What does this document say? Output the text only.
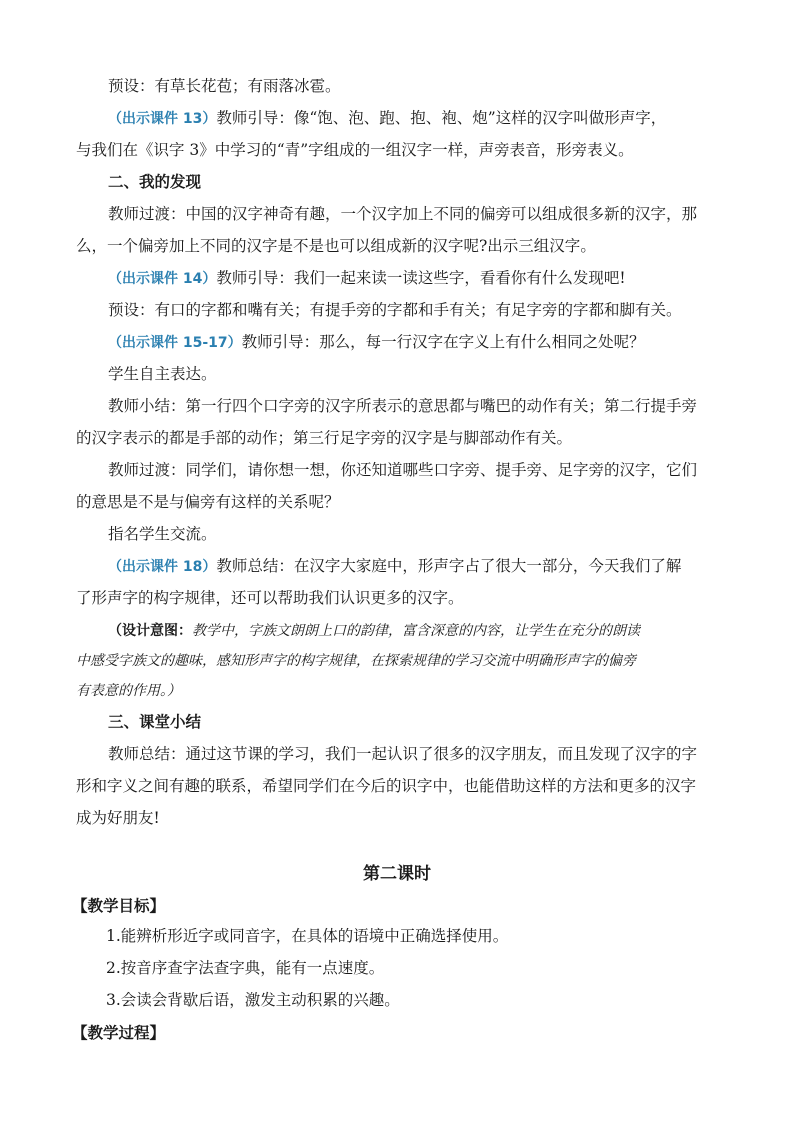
预设：有草长花苞；有雨落冰雹。
（出示课件 13）教师引导：像“饱、泡、跑、抱、袍、炮”这样的汉字叫做形声字，
与我们在《识字 3》中学习的“青”字组成的一组汉字一样，声旁表音，形旁表义。
二、我的发现
教师过渡：中国的汉字神奇有趣，一个汉字加上不同的偏旁可以组成很多新的汉字，那
么，一个偏旁加上不同的汉字是不是也可以组成新的汉字呢?出示三组汉字。
（出示课件 14）教师引导：我们一起来读一读这些字，看看你有什么发现吧!
预设：有口的字都和嘴有关；有提手旁的字都和手有关；有足字旁的字都和脚有关。
（出示课件 15-17）教师引导：那么，每一行汉字在字义上有什么相同之处呢？
学生自主表达。
教师小结：第一行四个口字旁的汉字所表示的意思都与嘴巴的动作有关；第二行提手旁
的汉字表示的都是手部的动作；第三行足字旁的汉字是与脚部动作有关。
教师过渡：同学们，请你想一想，你还知道哪些口字旁、提手旁、足字旁的汉字，它们
的意思是不是与偏旁有这样的关系呢？
指名学生交流。
（出示课件 18）教师总结：在汉字大家庭中，形声字占了很大一部分，今天我们了解
了形声字的构字规律，还可以帮助我们认识更多的汉字。
（设计意图：教学中，字族文朗朗上口的韵律，富含深意的内容，让学生在充分的朗读
中感受字族文的趣味，感知形声字的构字规律，在探索规律的学习交流中明确形声字的偏旁
有表意的作用。）
三、课堂小结
教师总结：通过这节课的学习，我们一起认识了很多的汉字朋友，而且发现了汉字的字
形和字义之间有趣的联系，希望同学们在今后的识字中，也能借助这样的方法和更多的汉字
成为好朋友!
第二课时
【教学目标】
1.能辨析形近字或同音字，在具体的语境中正确选择使用。
2.按音序查字法查字典，能有一点速度。
3.会读会背歇后语，激发主动积累的兴趣。
【教学过程】
